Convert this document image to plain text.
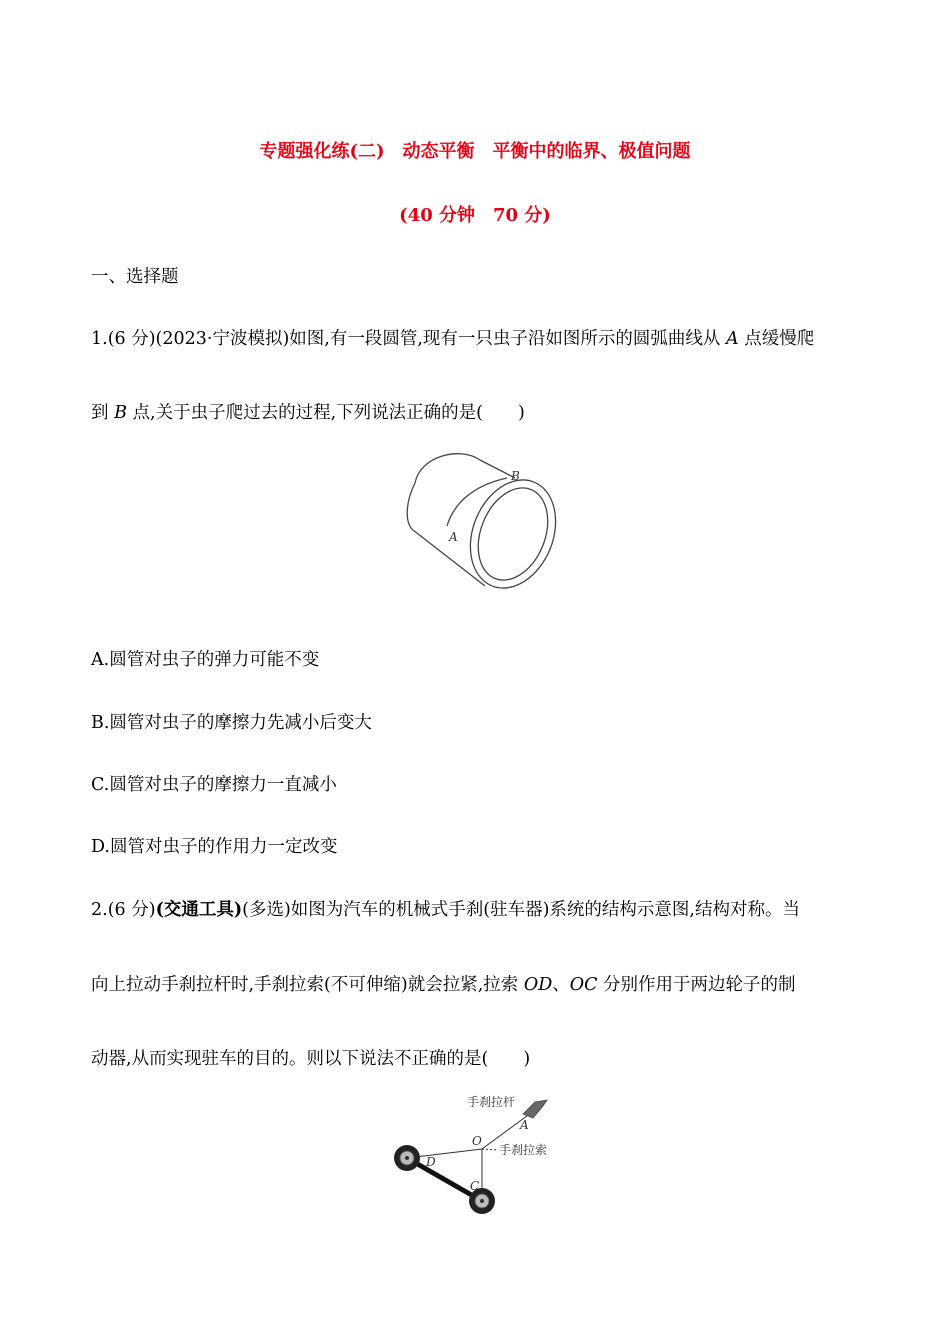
专题强化练(二)　动态平衡　平衡中的临界、极值问题
(40 分钟　70 分)

一、选择题

1.(6 分)(2023·宁波模拟)如图,有一段圆管,现有一只虫子沿如图所示的圆弧曲线从 A 点缓慢爬

到 B 点,关于虫子爬过去的过程,下列说法正确的是(　　)

A
B

A.圆管对虫子的弹力可能不变

B.圆管对虫子的摩擦力先减小后变大

C.圆管对虫子的摩擦力一直减小

D.圆管对虫子的作用力一定改变

2.(6 分)(交通工具)(多选)如图为汽车的机械式手刹(驻车器)系统的结构示意图,结构对称。当

向上拉动手刹拉杆时,手刹拉索(不可伸缩)就会拉紧,拉索 OD、OC 分别作用于两边轮子的制

动器,从而实现驻车的目的。则以下说法不正确的是(　　)

手刹拉杆
手刹拉索
O
A
D
C
